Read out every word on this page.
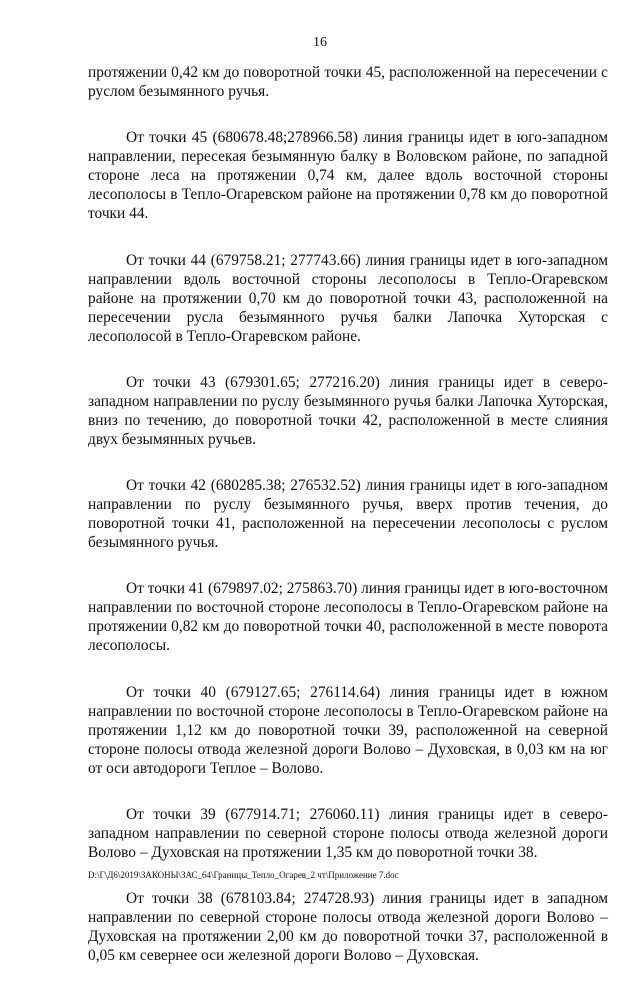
16

протяжении 0,42 км до поворотной точки 45, расположенной на пересечении с руслом безымянного ручья.

От точки 45 (680678.48;278966.58) линия границы идет в юго-западном направлении, пересекая безымянную балку в Воловском районе, по западной стороне леса на протяжении 0,74 км, далее вдоль восточной стороны лесополосы в Тепло-Огаревском районе на протяжении 0,78 км до поворотной точки 44.

От точки 44 (679758.21; 277743.66) линия границы идет в юго-западном направлении вдоль восточной стороны лесополосы в Тепло-Огаревском районе на протяжении 0,70 км до поворотной точки 43, расположенной на пересечении русла безымянного ручья балки Лапочка Хуторская с лесополосой в Тепло-Огаревском районе.

От точки 43 (679301.65; 277216.20) линия границы идет в северо-западном направлении по руслу безымянного ручья балки Лапочка Хуторская, вниз по течению, до поворотной точки 42, расположенной в месте слияния двух безымянных ручьев.

От точки 42 (680285.38; 276532.52) линия границы идет в юго-западном направлении по руслу безымянного ручья, вверх против течения, до поворотной точки 41, расположенной на пересечении лесополосы с руслом безымянного ручья.

От точки 41 (679897.02; 275863.70) линия границы идет в юго-восточном направлении по восточной стороне лесополосы в Тепло-Огаревском районе на протяжении 0,82 км до поворотной точки 40, расположенной в месте поворота лесополосы.

От точки 40 (679127.65; 276114.64) линия границы идет в южном направлении по восточной стороне лесополосы в Тепло-Огаревском районе на протяжении 1,12 км до поворотной точки 39, расположенной на северной стороне полосы отвода железной дороги Волово – Духовская, в 0,03 км на юг от оси автодороги Теплое – Волово.

От точки 39 (677914.71; 276060.11) линия границы идет в северо-западном направлении по северной стороне полосы отвода железной дороги Волово – Духовская на протяжении 1,35 км до поворотной точки 38.

От точки 38 (678103.84; 274728.93) линия границы идет в западном направлении по северной стороне полосы отвода железной дороги Волово – Духовская на протяжении 2,00 км до поворотной точки 37, расположенной в 0,05 км севернее оси железной дороги Волово – Духовская.

D:\Г\Д6\2019\ЗАКОНЫ\ЗАС_64\Границы_Тепло_Огарев_2 чт\Приложение 7.doc
